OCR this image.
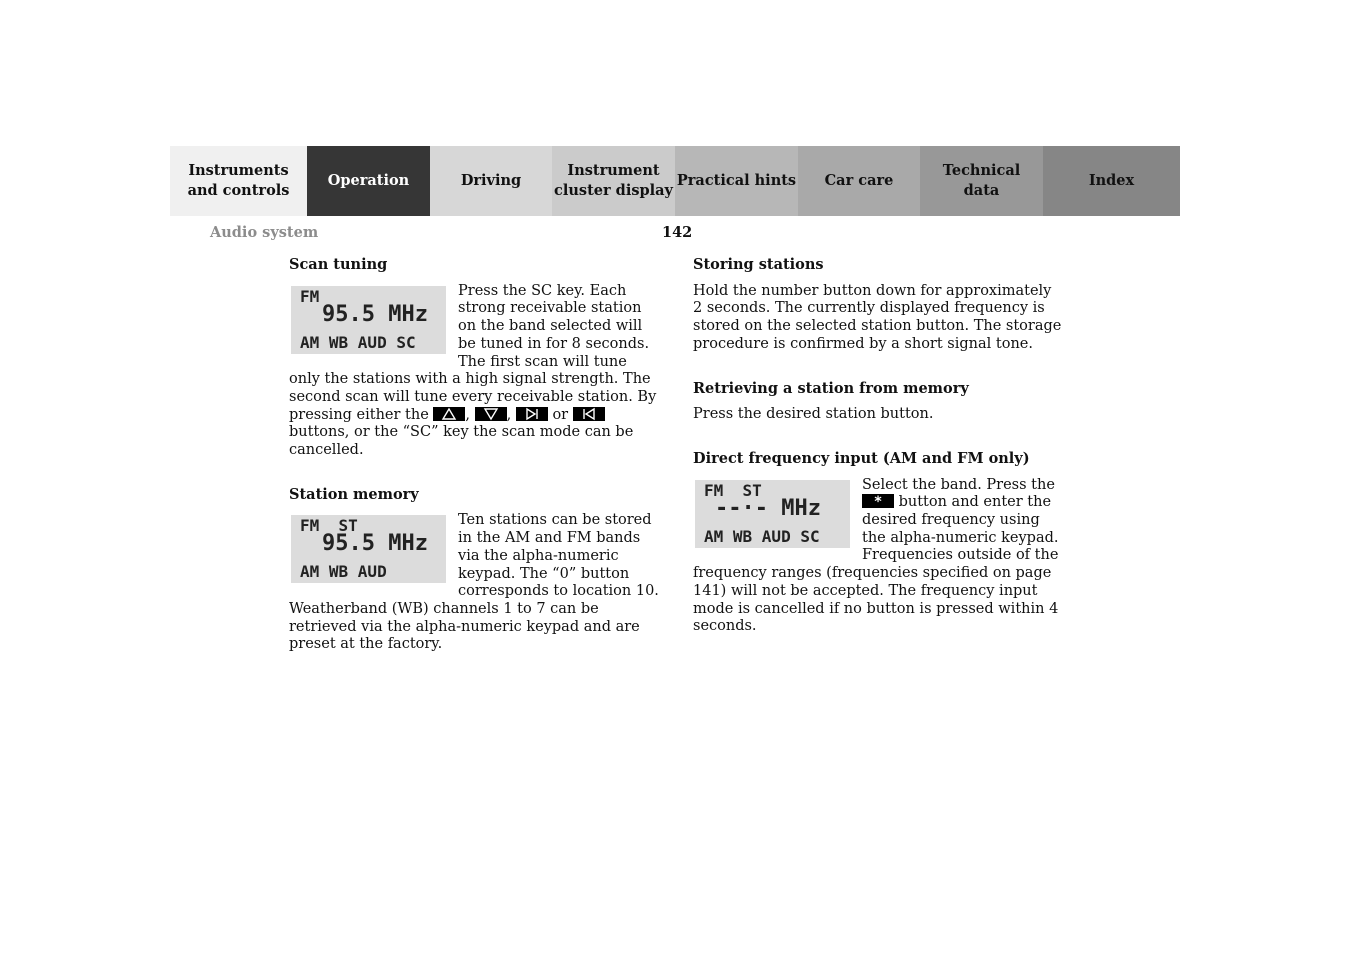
Instruments
and controls
Operation	Driving
Instrument
cluster display
Practical hints Car care
Technical
data
Index
Audio system	142
Scan tuning
FM
95.5 MHz
AM WB AUD SC

Press the SC key. Each strong receivable station on the band selected will be tuned in for 8 seconds. The first scan will tune only the stations with a high signal strength. The second scan will tune every receivable station. By pressing either the	,	,	or
buttons, or the “SC” key the scan mode can be cancelled.

Station memory
FM  ST
95.5 MHz
AM WB AUD

Ten stations can be stored in the AM and FM bands via the alpha-numeric keypad. The “0” button corresponds to location 10. Weatherband (WB) channels 1 to 7 can be retrieved via the alpha-numeric keypad and are preset at the factory.

Storing stations

Hold the number button down for approximately 2 seconds. The currently displayed frequency is stored on the selected station button. The storage procedure is confirmed by a short signal tone.

Retrieving a station from memory

Press the desired station button.

Direct frequency input (AM and FM only)
FM  ST
--·- MHz
AM WB AUD SC

Select the band. Press the
* button and enter the desired frequency using the alpha-numeric keypad. Frequencies outside of the frequency ranges (frequencies specified on page 141) will not be accepted. The frequency input mode is cancelled if no button is pressed within 4 seconds.
